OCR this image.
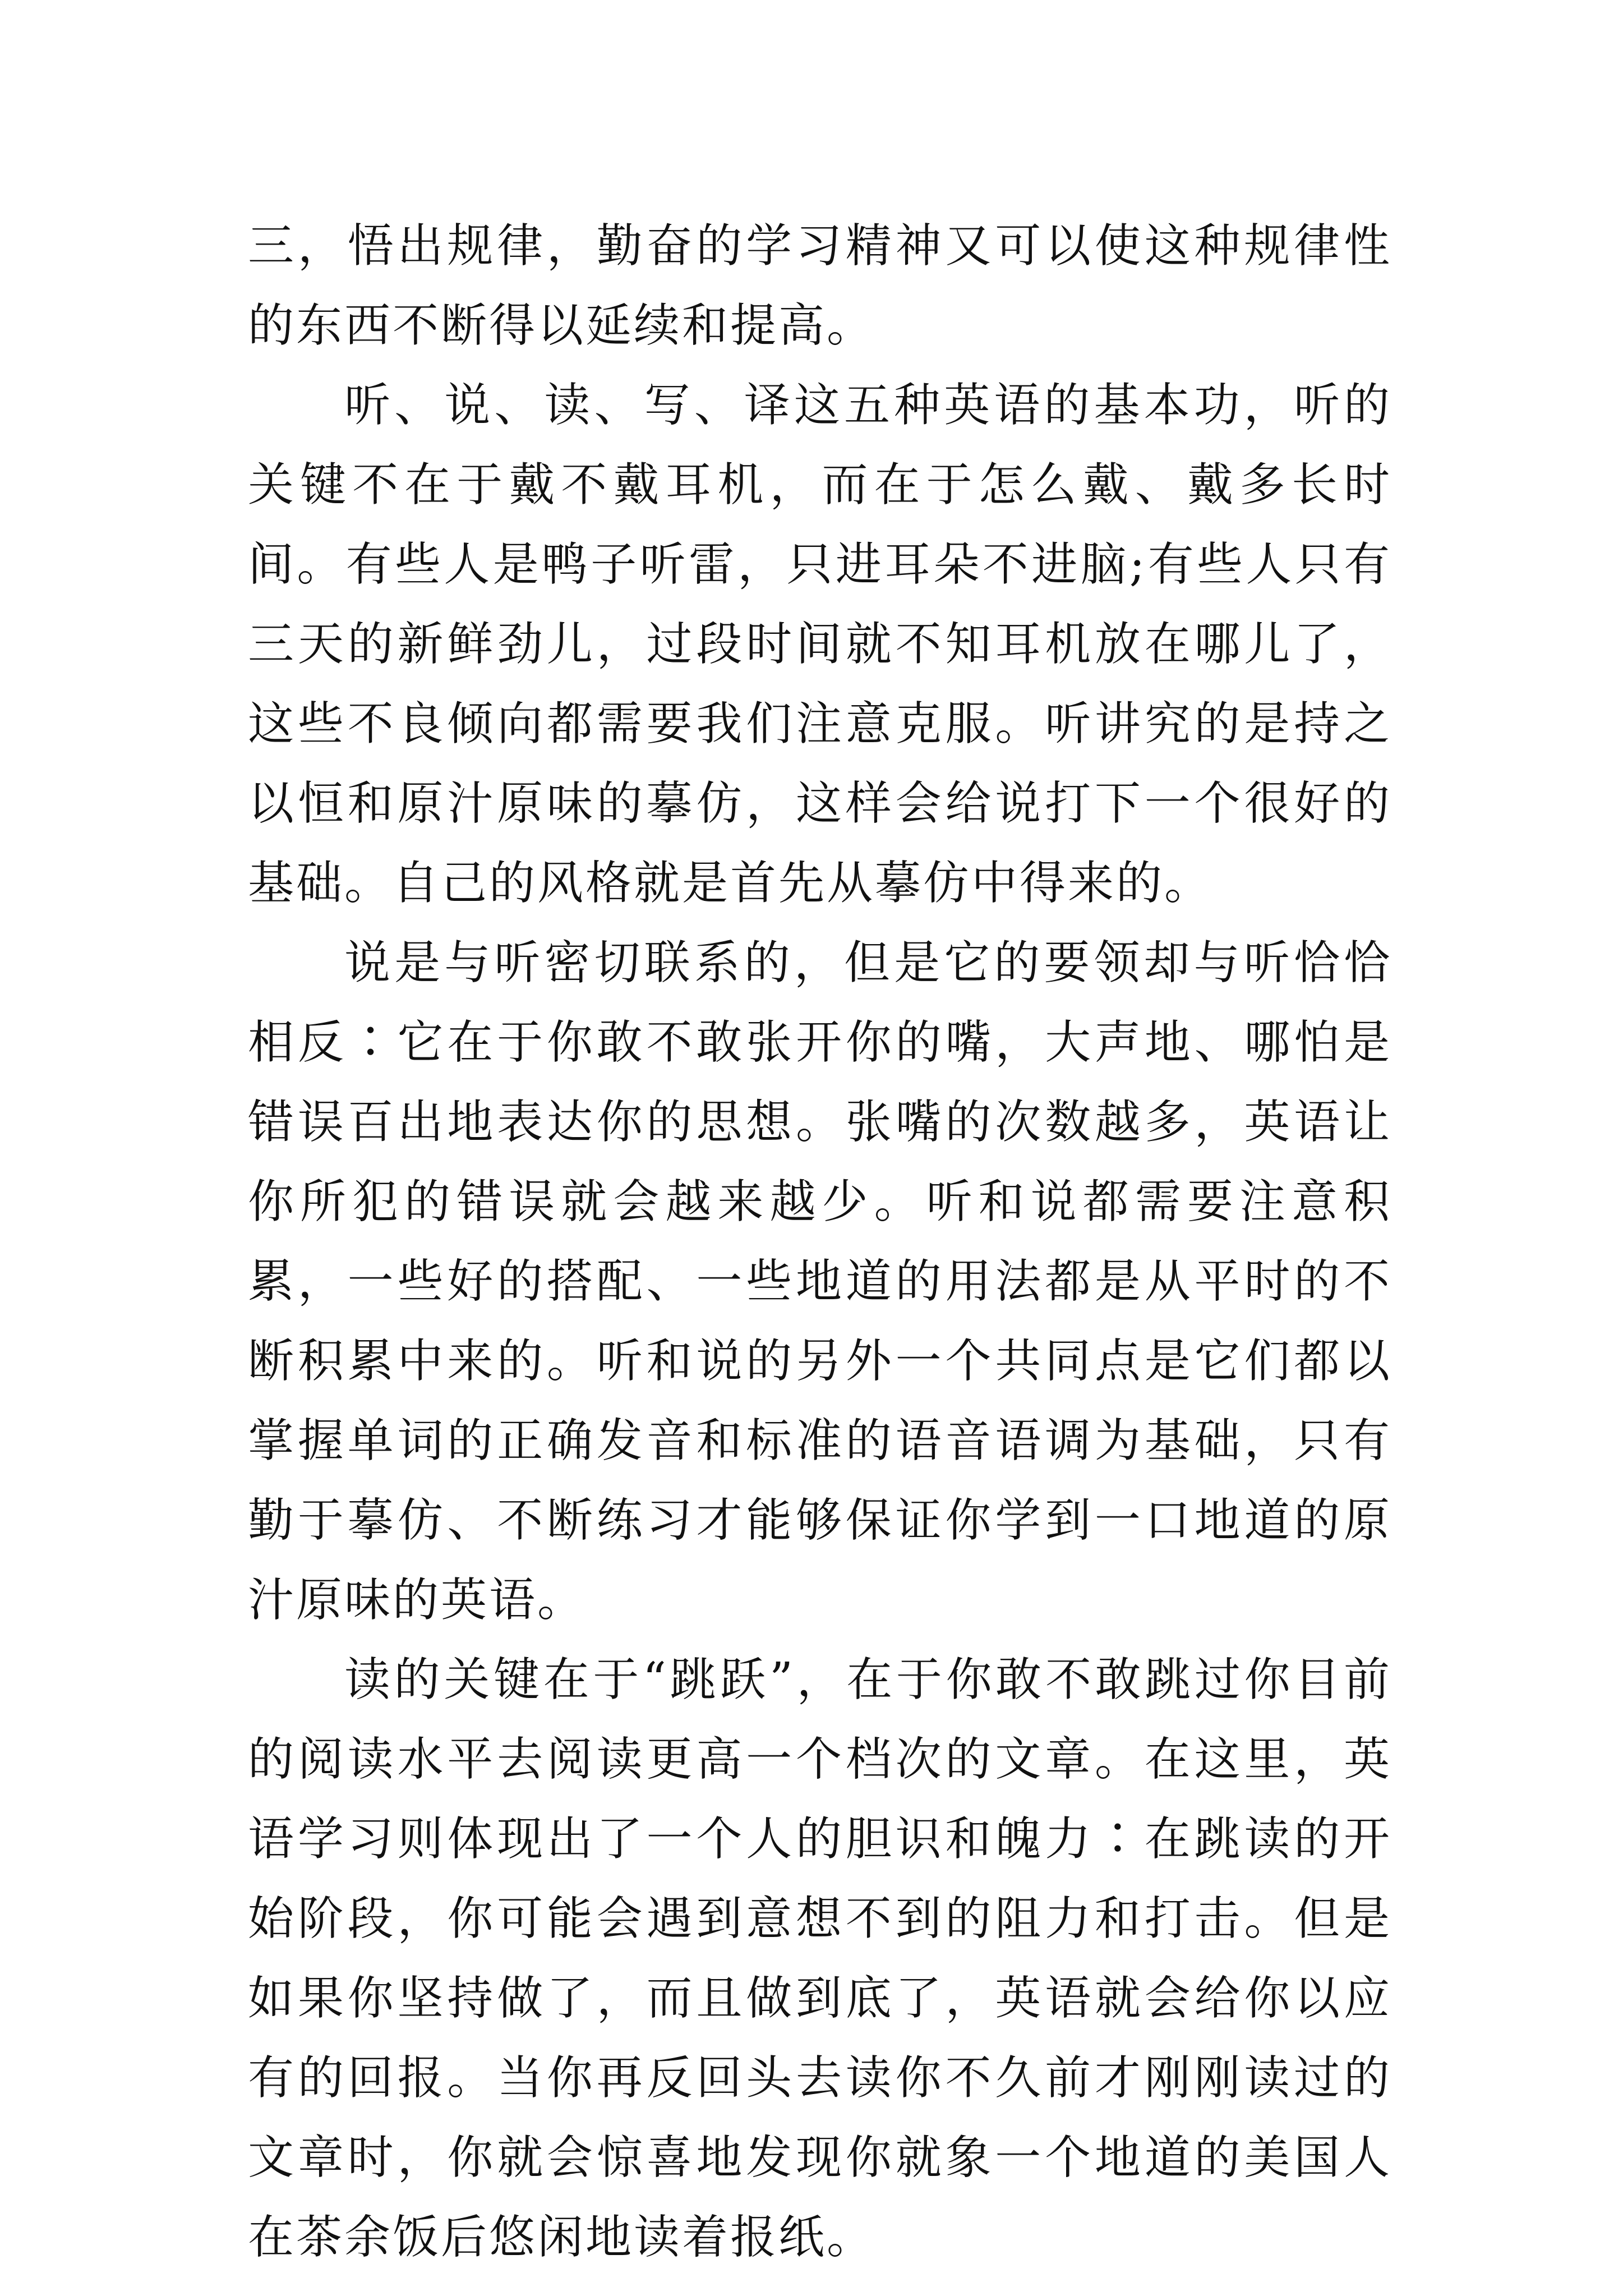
三，悟出规律，勤奋的学习精神又可以使这种规律性的东西不断得以延续和提高。

听、说、读、写、译这五种英语的基本功，听的关键不在于戴不戴耳机，而在于怎么戴、戴多长时间。有些人是鸭子听雷，只进耳朵不进脑;有些人只有三天的新鲜劲儿，过段时间就不知耳机放在哪儿了，这些不良倾向都需要我们注意克服。听讲究的是持之以恒和原汁原味的摹仿，这样会给说打下一个很好的基础。自己的风格就是首先从摹仿中得来的。

说是与听密切联系的，但是它的要领却与听恰恰相反∶它在于你敢不敢张开你的嘴，大声地、哪怕是错误百出地表达你的思想。张嘴的次数越多，英语让你所犯的错误就会越来越少。听和说都需要注意积累，一些好的搭配、一些地道的用法都是从平时的不断积累中来的。听和说的另外一个共同点是它们都以掌握单词的正确发音和标准的语音语调为基础，只有勤于摹仿、不断练习才能够保证你学到一口地道的原汁原味的英语。

读的关键在于“跳跃”，在于你敢不敢跳过你目前的阅读水平去阅读更高一个档次的文章。在这里，英语学习则体现出了一个人的胆识和魄力∶在跳读的开始阶段，你可能会遇到意想不到的阻力和打击。但是如果你坚持做了，而且做到底了，英语就会给你以应有的回报。当你再反回头去读你不久前才刚刚读过的文章时，你就会惊喜地发现你就象一个地道的美国人在茶余饭后悠闲地读着报纸。
